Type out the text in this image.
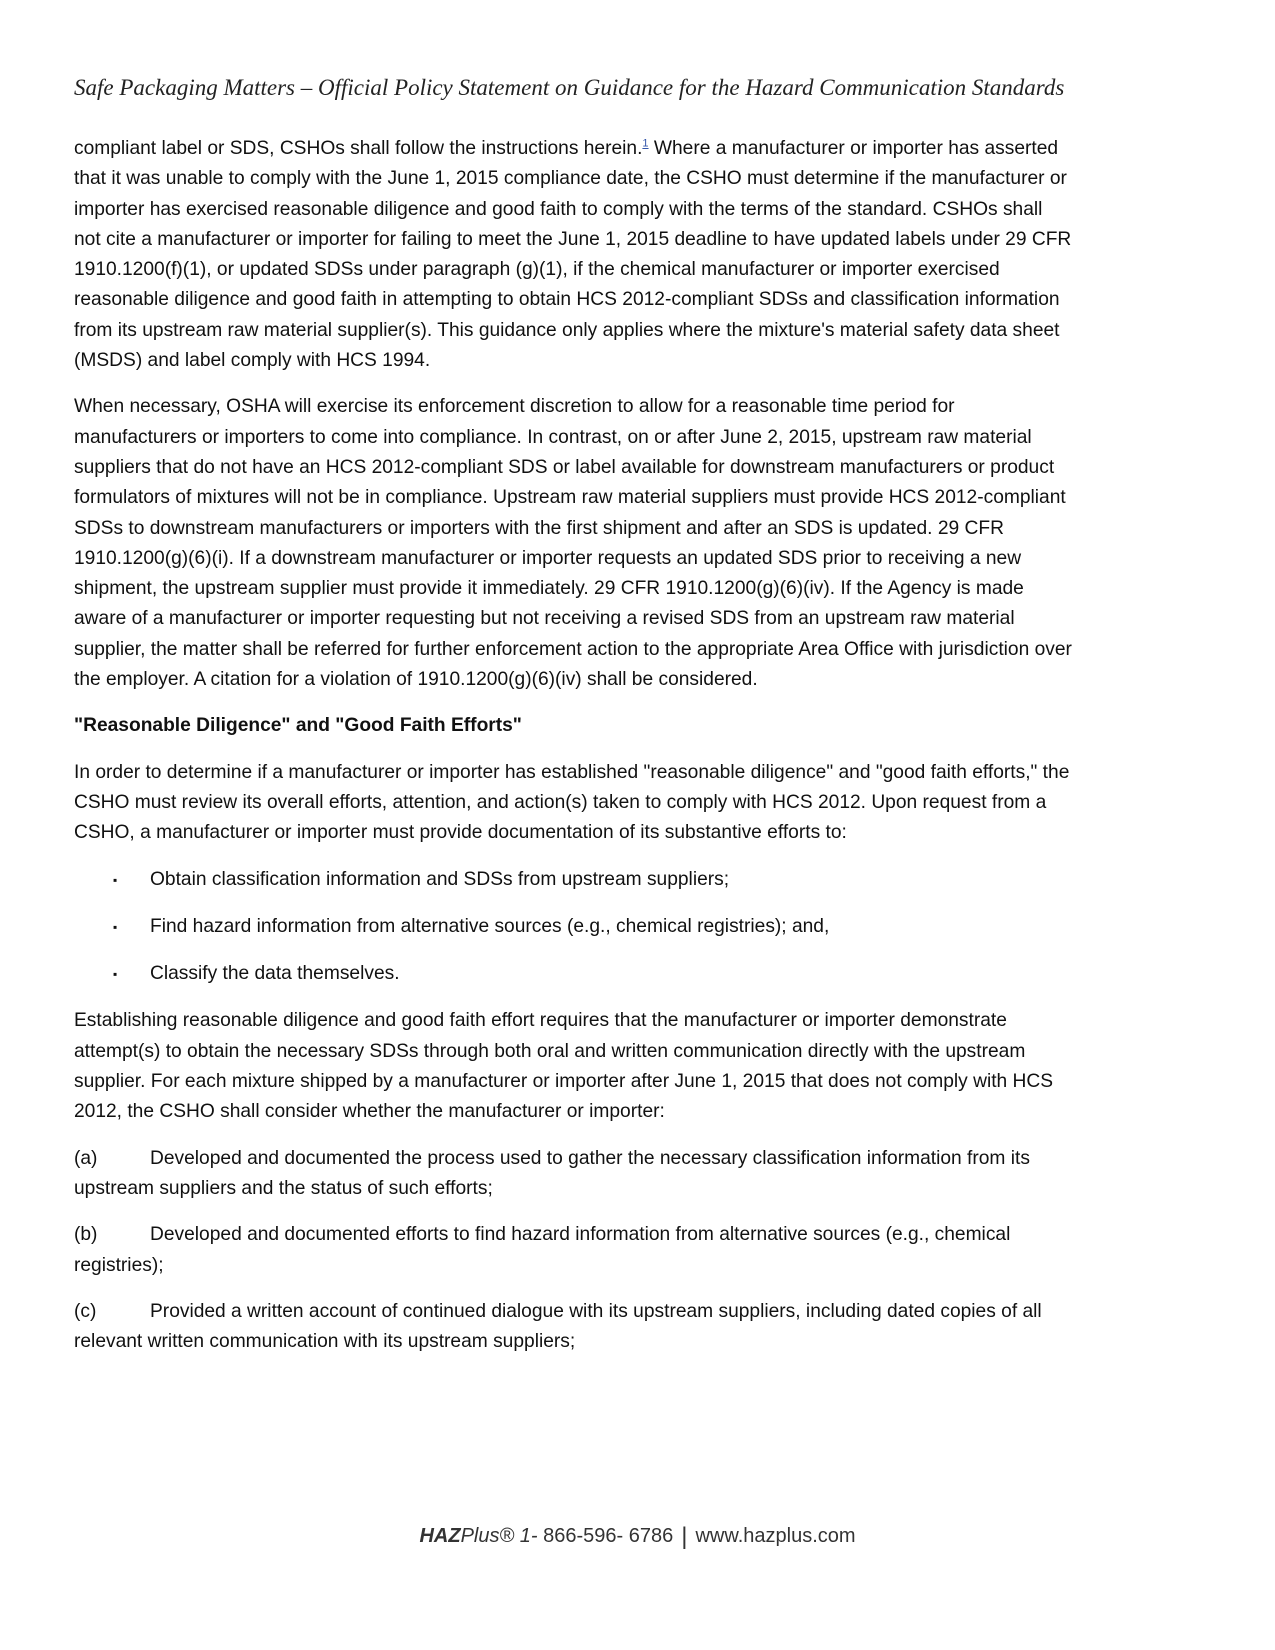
Safe Packaging Matters – Official Policy Statement on Guidance for the Hazard Communication Standards

compliant label or SDS, CSHOs shall follow the instructions herein.$^1$ Where a manufacturer or importer has asserted that it was unable to comply with the June 1, 2015 compliance date, the CSHO must determine if the manufacturer or importer has exercised reasonable diligence and good faith to comply with the terms of the standard. CSHOs shall not cite a manufacturer or importer for failing to meet the June 1, 2015 deadline to have updated labels under 29 CFR 1910.1200(f)(1), or updated SDSs under paragraph (g)(1), if the chemical manufacturer or importer exercised reasonable diligence and good faith in attempting to obtain HCS 2012-compliant SDSs and classification information from its upstream raw material supplier(s). This guidance only applies where the mixture's material safety data sheet (MSDS) and label comply with HCS 1994.

When necessary, OSHA will exercise its enforcement discretion to allow for a reasonable time period for manufacturers or importers to come into compliance. In contrast, on or after June 2, 2015, upstream raw material suppliers that do not have an HCS 2012-compliant SDS or label available for downstream manufacturers or product formulators of mixtures will not be in compliance. Upstream raw material suppliers must provide HCS 2012-compliant SDSs to downstream manufacturers or importers with the first shipment and after an SDS is updated. 29 CFR 1910.1200(g)(6)(i). If a downstream manufacturer or importer requests an updated SDS prior to receiving a new shipment, the upstream supplier must provide it immediately. 29 CFR 1910.1200(g)(6)(iv). If the Agency is made aware of a manufacturer or importer requesting but not receiving a revised SDS from an upstream raw material supplier, the matter shall be referred for further enforcement action to the appropriate Area Office with jurisdiction over the employer. A citation for a violation of 1910.1200(g)(6)(iv) shall be considered.

"Reasonable Diligence" and "Good Faith Efforts"

In order to determine if a manufacturer or importer has established "reasonable diligence" and "good faith efforts," the CSHO must review its overall efforts, attention, and action(s) taken to comply with HCS 2012. Upon request from a CSHO, a manufacturer or importer must provide documentation of its substantive efforts to:

▪ Obtain classification information and SDSs from upstream suppliers;
▪ Find hazard information from alternative sources (e.g., chemical registries); and,
▪ Classify the data themselves.

Establishing reasonable diligence and good faith effort requires that the manufacturer or importer demonstrate attempt(s) to obtain the necessary SDSs through both oral and written communication directly with the upstream supplier. For each mixture shipped by a manufacturer or importer after June 1, 2015 that does not comply with HCS 2012, the CSHO shall consider whether the manufacturer or importer:

(a)	Developed and documented the process used to gather the necessary classification information from its upstream suppliers and the status of such efforts;
(b)	Developed and documented efforts to find hazard information from alternative sources (e.g., chemical registries);
(c)	Provided a written account of continued dialogue with its upstream suppliers, including dated copies of all relevant written communication with its upstream suppliers;
HAZPlus® 1- 866-596- 6786 | www.hazplus.com
